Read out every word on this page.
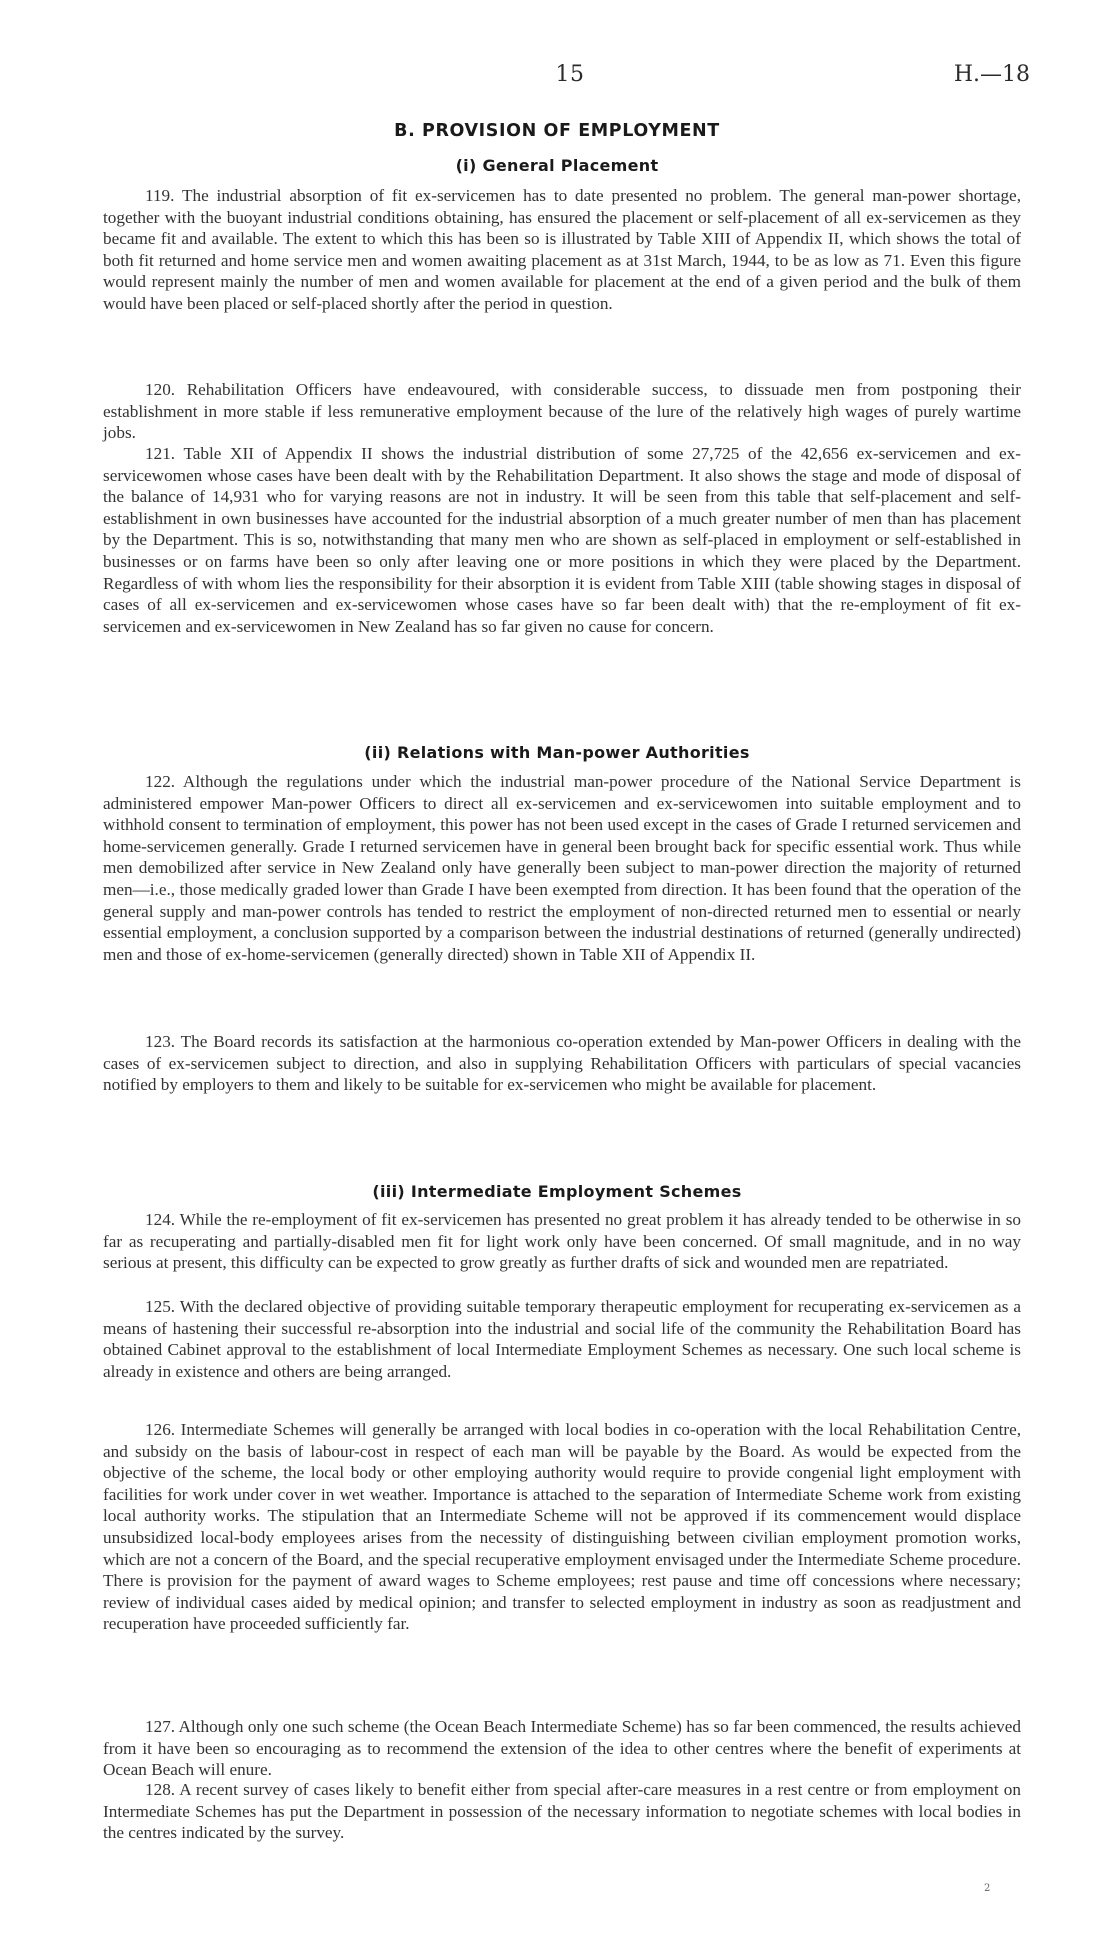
15	H.—18
B. PROVISION OF EMPLOYMENT
(i) General Placement

119. The industrial absorption of fit ex-servicemen has to date presented no problem. The general man-power shortage, together with the buoyant industrial conditions obtaining, has ensured the placement or self-placement of all ex-servicemen as they became fit and available. The extent to which this has been so is illustrated by Table XIII of Appendix II, which shows the total of both fit returned and home service men and women awaiting placement as at 31st March, 1944, to be as low as 71. Even this figure would represent mainly the number of men and women available for placement at the end of a given period and the bulk of them would have been placed or self-placed shortly after the period in question.

120. Rehabilitation Officers have endeavoured, with considerable success, to dissuade men from postponing their establishment in more stable if less remunerative employment because of the lure of the relatively high wages of purely wartime jobs.

121. Table XII of Appendix II shows the industrial distribution of some 27,725 of the 42,656 ex-servicemen and ex-servicewomen whose cases have been dealt with by the Rehabilitation Department. It also shows the stage and mode of disposal of the balance of 14,931 who for varying reasons are not in industry. It will be seen from this table that self-placement and self-establishment in own businesses have accounted for the industrial absorption of a much greater number of men than has placement by the Department. This is so, notwithstanding that many men who are shown as self-placed in employment or self-established in businesses or on farms have been so only after leaving one or more positions in which they were placed by the Department. Regardless of with whom lies the responsibility for their absorption it is evident from Table XIII (table showing stages in disposal of cases of all ex-servicemen and ex-servicewomen whose cases have so far been dealt with) that the re-employment of fit ex-servicemen and ex-servicewomen in New Zealand has so far given no cause for concern.

(ii) Relations with Man-power Authorities

122. Although the regulations under which the industrial man-power procedure of the National Service Department is administered empower Man-power Officers to direct all ex-servicemen and ex-servicewomen into suitable employment and to withhold consent to termination of employment, this power has not been used except in the cases of Grade I returned servicemen and home-servicemen generally. Grade I returned servicemen have in general been brought back for specific essential work. Thus while men demobilized after service in New Zealand only have generally been subject to man-power direction the majority of returned men—i.e., those medically graded lower than Grade I have been exempted from direction. It has been found that the operation of the general supply and man-power controls has tended to restrict the employment of non-directed returned men to essential or nearly essential employment, a conclusion supported by a comparison between the industrial destinations of returned (generally undirected) men and those of ex-home-servicemen (generally directed) shown in Table XII of Appendix II.

123. The Board records its satisfaction at the harmonious co-operation extended by Man-power Officers in dealing with the cases of ex-servicemen subject to direction, and also in supplying Rehabilitation Officers with particulars of special vacancies notified by employers to them and likely to be suitable for ex-servicemen who might be available for placement.

(iii) Intermediate Employment Schemes

124. While the re-employment of fit ex-servicemen has presented no great problem it has already tended to be otherwise in so far as recuperating and partially-disabled men fit for light work only have been concerned. Of small magnitude, and in no way serious at present, this difficulty can be expected to grow greatly as further drafts of sick and wounded men are repatriated.

125. With the declared objective of providing suitable temporary therapeutic employment for recuperating ex-servicemen as a means of hastening their successful re-absorption into the industrial and social life of the community the Rehabilitation Board has obtained Cabinet approval to the establishment of local Intermediate Employment Schemes as necessary. One such local scheme is already in existence and others are being arranged.

126. Intermediate Schemes will generally be arranged with local bodies in co-operation with the local Rehabilitation Centre, and subsidy on the basis of labour-cost in respect of each man will be payable by the Board. As would be expected from the objective of the scheme, the local body or other employing authority would require to provide congenial light employment with facilities for work under cover in wet weather. Importance is attached to the separation of Intermediate Scheme work from existing local authority works. The stipulation that an Intermediate Scheme will not be approved if its commencement would displace unsubsidized local-body employees arises from the necessity of distinguishing between civilian employment promotion works, which are not a concern of the Board, and the special recuperative employment envisaged under the Intermediate Scheme procedure. There is provision for the payment of award wages to Scheme employees; rest pause and time off concessions where necessary; review of individual cases aided by medical opinion; and transfer to selected employment in industry as soon as readjustment and recuperation have proceeded sufficiently far.

127. Although only one such scheme (the Ocean Beach Intermediate Scheme) has so far been commenced, the results achieved from it have been so encouraging as to recommend the extension of the idea to other centres where the benefit of experiments at Ocean Beach will enure.

128. A recent survey of cases likely to benefit either from special after-care measures in a rest centre or from employment on Intermediate Schemes has put the Department in possession of the necessary information to negotiate schemes with local bodies in the centres indicated by the survey.

2
